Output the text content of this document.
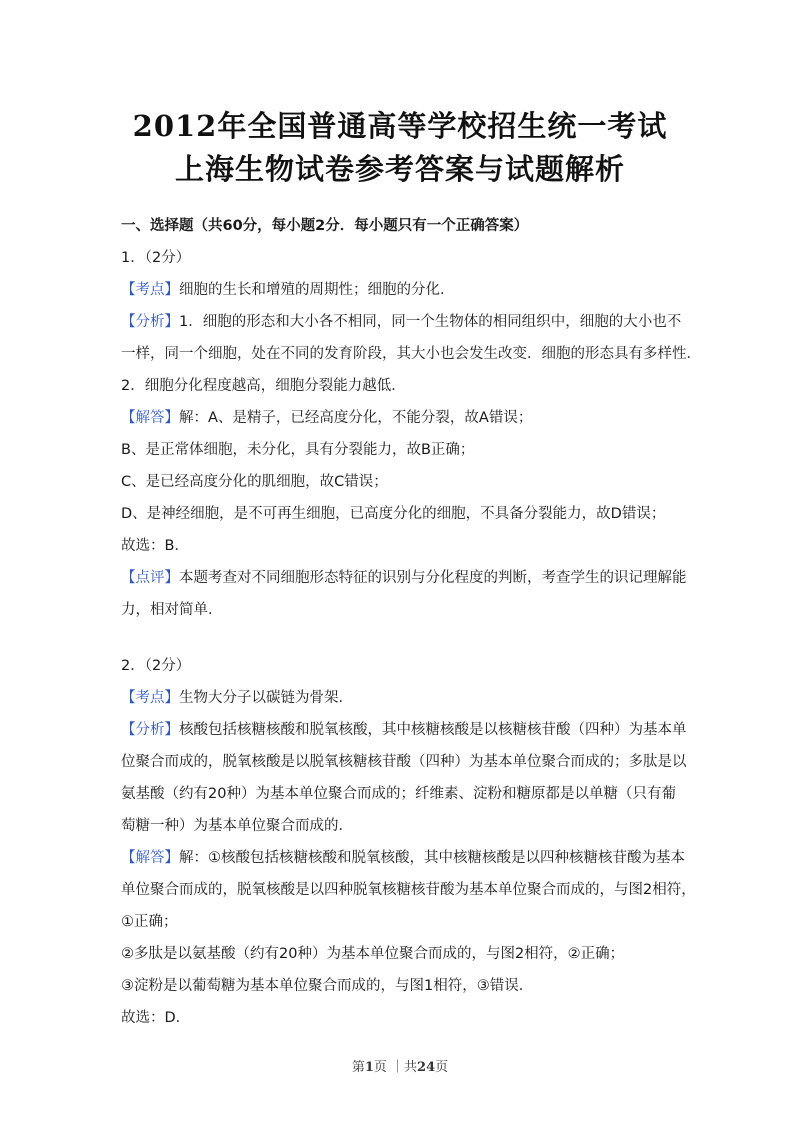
2012年全国普通高等学校招生统一考试
上海生物试卷参考答案与试题解析
一、选择题（共60分，每小题2分．每小题只有一个正确答案）
1．（2分）
【考点】细胞的生长和增殖的周期性；细胞的分化．
【分析】1．细胞的形态和大小各不相同，同一个生物体的相同组织中，细胞的大小也不
一样，同一个细胞，处在不同的发育阶段，其大小也会发生改变．细胞的形态具有多样性．
2．细胞分化程度越高，细胞分裂能力越低．
【解答】解：A、是精子，已经高度分化，不能分裂，故A错误；
B、是正常体细胞，未分化，具有分裂能力，故B正确；
C、是已经高度分化的肌细胞，故C错误；
D、是神经细胞，是不可再生细胞，已高度分化的细胞，不具备分裂能力，故D错误；
故选：B．
【点评】本题考查对不同细胞形态特征的识别与分化程度的判断，考查学生的识记理解能
力，相对简单．
2．（2分）
【考点】生物大分子以碳链为骨架．
【分析】核酸包括核糖核酸和脱氧核酸，其中核糖核酸是以核糖核苷酸（四种）为基本单
位聚合而成的，脱氧核酸是以脱氧核糖核苷酸（四种）为基本单位聚合而成的；多肽是以
氨基酸（约有20种）为基本单位聚合而成的；纤维素、淀粉和糖原都是以单糖（只有葡
萄糖一种）为基本单位聚合而成的．
【解答】解：①核酸包括核糖核酸和脱氧核酸，其中核糖核酸是以四种核糖核苷酸为基本
单位聚合而成的，脱氧核酸是以四种脱氧核糖核苷酸为基本单位聚合而成的，与图2相符，
①正确；
②多肽是以氨基酸（约有20种）为基本单位聚合而成的，与图2相符，②正确；
③淀粉是以葡萄糖为基本单位聚合而成的，与图1相符，③错误．
故选：D．
第1页 ｜共24页
